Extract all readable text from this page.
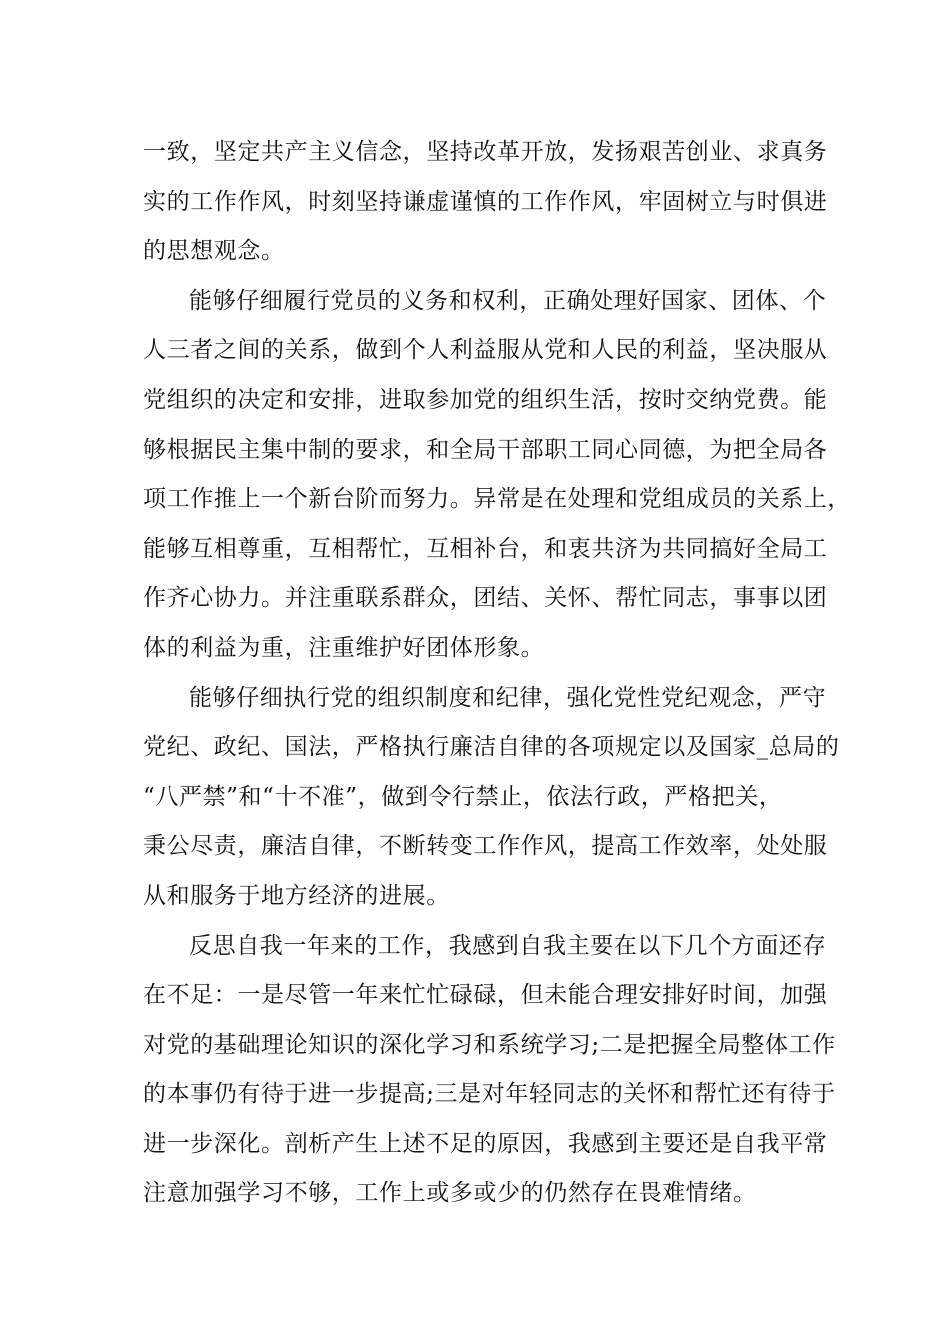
一致，坚定共产主义信念，坚持改革开放，发扬艰苦创业、求真务
实的工作作风，时刻坚持谦虚谨慎的工作作风，牢固树立与时俱进
的思想观念。
能够仔细履行党员的义务和权利，正确处理好国家、团体、个
人三者之间的关系，做到个人利益服从党和人民的利益，坚决服从
党组织的决定和安排，进取参加党的组织生活，按时交纳党费。能
够根据民主集中制的要求，和全局干部职工同心同德，为把全局各
项工作推上一个新台阶而努力。异常是在处理和党组成员的关系上，
能够互相尊重，互相帮忙，互相补台，和衷共济为共同搞好全局工
作齐心协力。并注重联系群众，团结、关怀、帮忙同志，事事以团
体的利益为重，注重维护好团体形象。
能够仔细执行党的组织制度和纪律，强化党性党纪观念，严守
党纪、政纪、国法，严格执行廉洁自律的各项规定以及国家_总局的
“八严禁”和“十不准”，做到令行禁止，依法行政，严格把关，
秉公尽责，廉洁自律，不断转变工作作风，提高工作效率，处处服
从和服务于地方经济的进展。
反思自我一年来的工作，我感到自我主要在以下几个方面还存
在不足：一是尽管一年来忙忙碌碌，但未能合理安排好时间，加强
对党的基础理论知识的深化学习和系统学习;二是把握全局整体工作
的本事仍有待于进一步提高;三是对年轻同志的关怀和帮忙还有待于
进一步深化。剖析产生上述不足的原因，我感到主要还是自我平常
注意加强学习不够，工作上或多或少的仍然存在畏难情绪。
